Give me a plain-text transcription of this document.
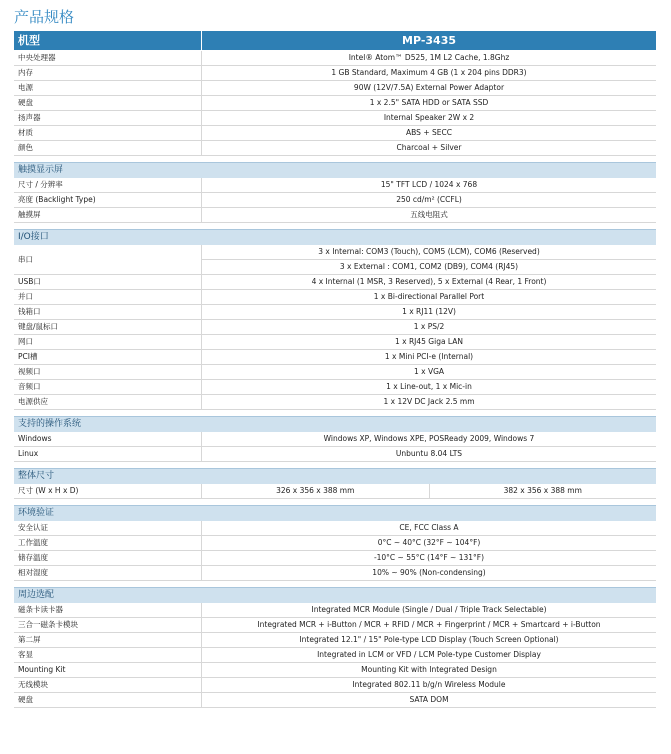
产品规格
机型	MP-3435
中央处理器	Intel® Atom™ D525, 1M L2 Cache, 1.8Ghz
内存	1 GB Standard, Maximum 4 GB (1 x 204 pins DDR3)
电源	90W (12V/7.5A) External Power Adaptor
硬盘	1 x 2.5" SATA HDD or SATA SSD
扬声器	Internal Speaker 2W x 2
材质	ABS + SECC
颜色	Charcoal + Silver
触摸显示屏
尺寸 / 分辨率	15" TFT LCD / 1024 x 768
亮度 (Backlight Type)	250 cd/m² (CCFL)
触摸屏	五线电阻式
I/O接口
串口
3 x Internal: COM3 (Touch), COM5 (LCM), COM6 (Reserved)
3 x External : COM1, COM2 (DB9), COM4 (RJ45)
USB口	4 x Internal (1 MSR, 3 Reserved), 5 x External (4 Rear, 1 Front)
并口	1 x Bi-directional Parallel Port
钱箱口	1 x RJ11 (12V)
键盘/鼠标口	1 x PS/2
网口	1 x RJ45 Giga LAN
PCI槽	1 x Mini PCI-e (Internal)
视频口	1 x VGA
音频口	1 x Line-out, 1 x Mic-in
电源供应	1 x 12V DC Jack 2.5 mm
支持的操作系统
Windows	Windows XP, Windows XPE, POSReady 2009, Windows 7
Linux	Unbuntu 8.04 LTS
整体尺寸
尺寸 (W x H x D)	326 x 356 x 388 mm	382 x 356 x 388 mm
环境验证
安全认证	CE, FCC Class A
工作温度	0°C ~ 40°C (32°F ~ 104°F)
储存温度	-10°C ~ 55°C (14°F ~ 131°F)
相对湿度	10% ~ 90% (Non-condensing)
周边选配
磁条卡读卡器	Integrated MCR Module (Single / Dual / Triple Track Selectable)
三合一磁条卡模块	Integrated MCR + i-Button / MCR + RFID / MCR + Fingerprint / MCR + Smartcard + i-Button
第二屏	Integrated 12.1" / 15" Pole-type LCD Display (Touch Screen Optional)
客显	Integrated in LCM or VFD / LCM Pole-type Customer Display
Mounting Kit	Mounting Kit with Integrated Design
无线模块	Integrated 802.11 b/g/n Wireless Module
硬盘	SATA DOM
